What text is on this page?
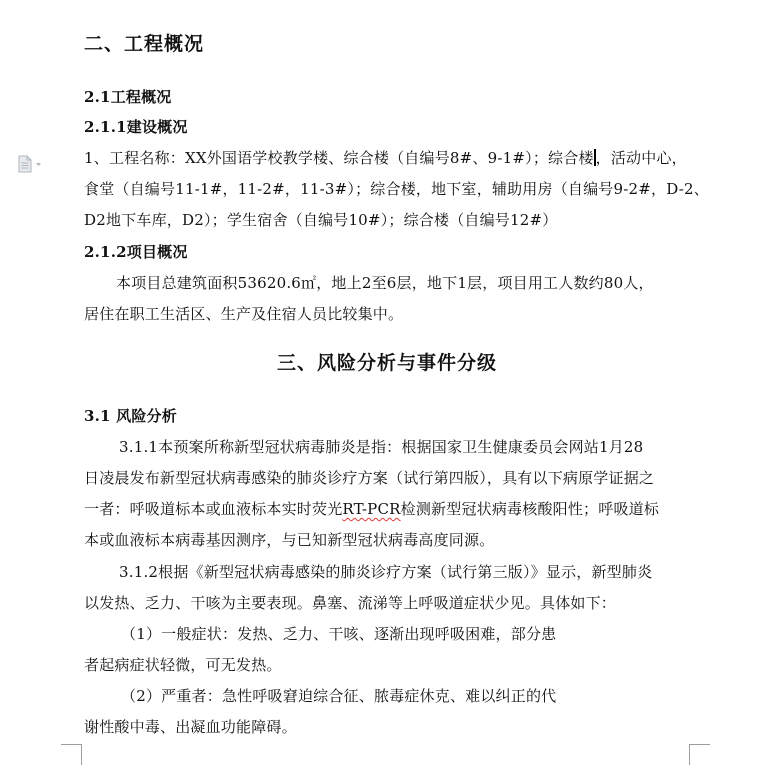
二、工程概况
2.1工程概况
2.1.1建设概况
1、工程名称：XX外国语学校教学楼、综合楼（自编号8#、9-1#）；综合楼 ，活动中心，
食堂（自编号11-1#，11-2#，11-3#）；综合楼，地下室，辅助用房（自编号9-2#，D-2、
D2地下车库，D2）；学生宿舍（自编号10#）；综合楼（自编号12#）
2.1.2项目概况
本项目总建筑面积53620.6㎡，地上2至6层，地下1层，项目用工人数约80人，
居住在职工生活区、生产及住宿人员比较集中。
三、风险分析与事件分级
3.1 风险分析
3.1.1本预案所称新型冠状病毒肺炎是指：根据国家卫生健康委员会网站1月28
日凌晨发布新型冠状病毒感染的肺炎诊疗方案（试行第四版），具有以下病原学证据之
一者：呼吸道标本或血液标本实时荧光RT-PCR检测新型冠状病毒核酸阳性；呼吸道标
本或血液标本病毒基因测序，与已知新型冠状病毒高度同源。
3.1.2根据《新型冠状病毒感染的肺炎诊疗方案（试行第三版）》显示，新型肺炎
以发热、乏力、干咳为主要表现。鼻塞、流涕等上呼吸道症状少见。具体如下：
（1）一般症状：发热、乏力、干咳、逐渐出现呼吸困难，部分患
者起病症状轻微，可无发热。
（2）严重者：急性呼吸窘迫综合征、脓毒症休克、难以纠正的代
谢性酸中毒、出凝血功能障碍。
